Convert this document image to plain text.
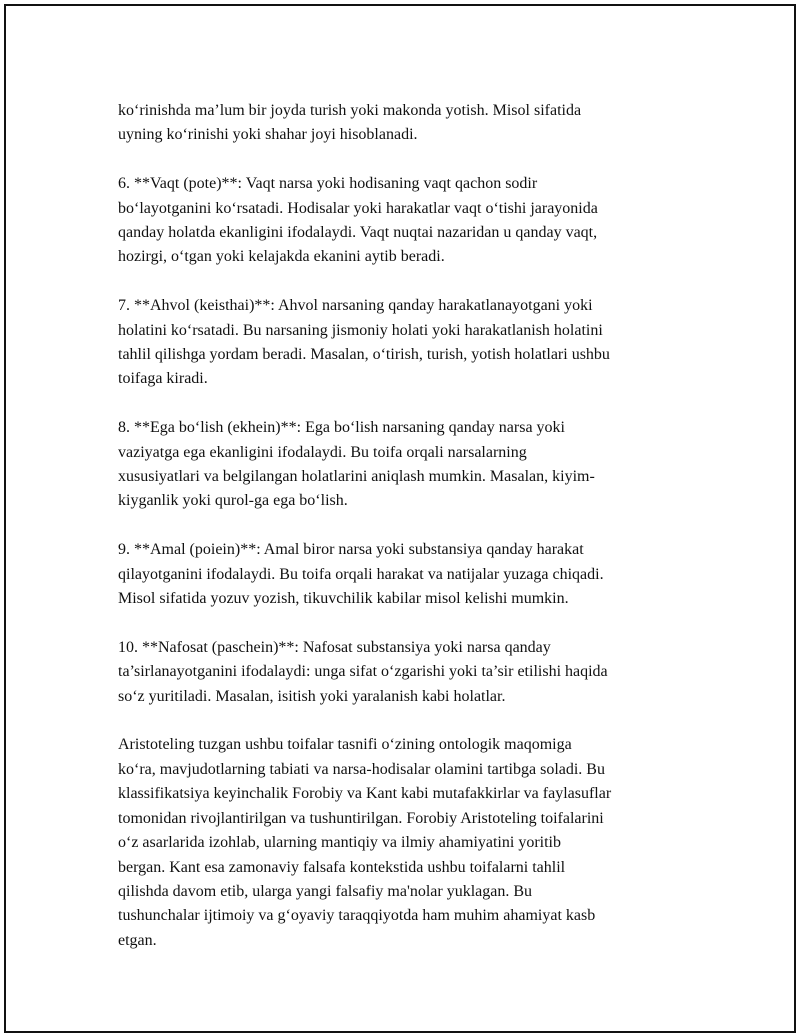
ko‘rinishda ma’lum bir joyda turish yoki makonda yotish. Misol sifatida
uyning ko‘rinishi yoki shahar joyi hisoblanadi.

6. **Vaqt (pote)**: Vaqt narsa yoki hodisaning vaqt qachon sodir
bo‘layotganini ko‘rsatadi. Hodisalar yoki harakatlar vaqt o‘tishi jarayonida
qanday holatda ekanligini ifodalaydi. Vaqt nuqtai nazaridan u qanday vaqt,
hozirgi, o‘tgan yoki kelajakda ekanini aytib beradi.

7. **Ahvol (keisthai)**: Ahvol narsaning qanday harakatlanayotgani yoki
holatini ko‘rsatadi. Bu narsaning jismoniy holati yoki harakatlanish holatini
tahlil qilishga yordam beradi. Masalan, o‘tirish, turish, yotish holatlari ushbu
toifaga kiradi.

8. **Ega bo‘lish (ekhein)**: Ega bo‘lish narsaning qanday narsa yoki
vaziyatga ega ekanligini ifodalaydi. Bu toifa orqali narsalarning
xususiyatlari va belgilangan holatlarini aniqlash mumkin. Masalan, kiyim-
kiyganlik yoki qurol-ga ega bo‘lish.

9. **Amal (poiein)**: Amal biror narsa yoki substansiya qanday harakat
qilayotganini ifodalaydi. Bu toifa orqali harakat va natijalar yuzaga chiqadi.
Misol sifatida yozuv yozish, tikuvchilik kabilar misol kelishi mumkin.

10. **Nafosat (paschein)**: Nafosat substansiya yoki narsa qanday
ta’sirlanayotganini ifodalaydi: unga sifat o‘zgarishi yoki ta’sir etilishi haqida
so‘z yuritiladi. Masalan, isitish yoki yaralanish kabi holatlar.

Aristoteling tuzgan ushbu toifalar tasnifi o‘zining ontologik maqomiga
ko‘ra, mavjudotlarning tabiati va narsa-hodisalar olamini tartibga soladi. Bu
klassifikatsiya keyinchalik Forobiy va Kant kabi mutafakkirlar va faylasuflar
tomonidan rivojlantirilgan va tushuntirilgan. Forobiy Aristoteling toifalarini
o‘z asarlarida izohlab, ularning mantiqiy va ilmiy ahamiyatini yoritib
bergan. Kant esa zamonaviy falsafa kontekstida ushbu toifalarni tahlil
qilishda davom etib, ularga yangi falsafiy ma'nolar yuklagan. Bu
tushunchalar ijtimoiy va g‘oyaviy taraqqiyotda ham muhim ahamiyat kasb
etgan.
